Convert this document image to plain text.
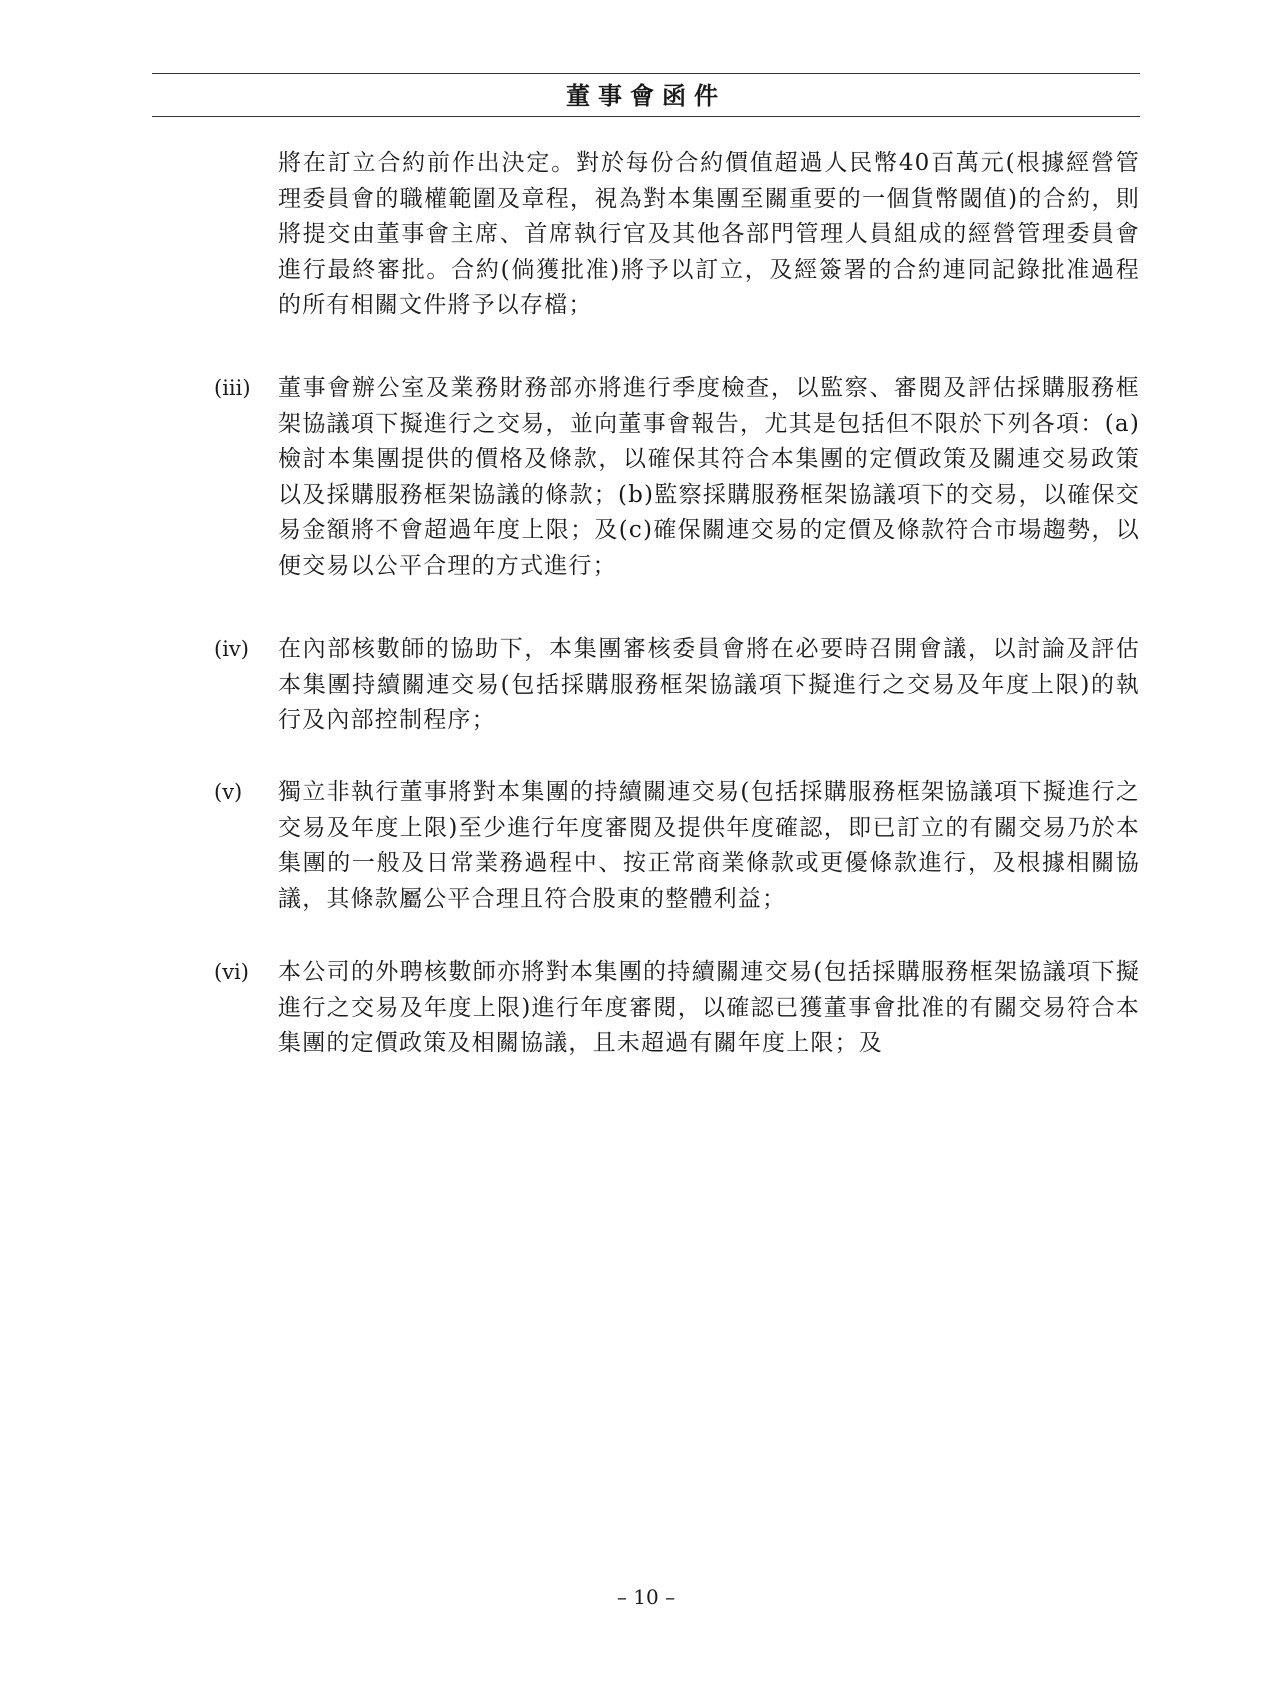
董事會函件

將在訂立合約前作出決定。對於每份合約價值超過人民幣40百萬元(根據經營管理委員會的職權範圍及章程，視為對本集團至關重要的一個貨幣閾值)的合約，則將提交由董事會主席、首席執行官及其他各部門管理人員組成的經營管理委員會進行最終審批。合約(倘獲批准)將予以訂立，及經簽署的合約連同記錄批准過程的所有相關文件將予以存檔；

(iii) 董事會辦公室及業務財務部亦將進行季度檢查，以監察、審閱及評估採購服務框架協議項下擬進行之交易，並向董事會報告，尤其是包括但不限於下列各項：(a)檢討本集團提供的價格及條款，以確保其符合本集團的定價政策及關連交易政策以及採購服務框架協議的條款；(b)監察採購服務框架協議項下的交易，以確保交易金額將不會超過年度上限；及(c)確保關連交易的定價及條款符合市場趨勢，以便交易以公平合理的方式進行；

(iv) 在內部核數師的協助下，本集團審核委員會將在必要時召開會議，以討論及評估本集團持續關連交易(包括採購服務框架協議項下擬進行之交易及年度上限)的執行及內部控制程序；

(v) 獨立非執行董事將對本集團的持續關連交易(包括採購服務框架協議項下擬進行之交易及年度上限)至少進行年度審閱及提供年度確認，即已訂立的有關交易乃於本集團的一般及日常業務過程中、按正常商業條款或更優條款進行，及根據相關協議，其條款屬公平合理且符合股東的整體利益；

(vi) 本公司的外聘核數師亦將對本集團的持續關連交易(包括採購服務框架協議項下擬進行之交易及年度上限)進行年度審閱，以確認已獲董事會批准的有關交易符合本集團的定價政策及相關協議，且未超過有關年度上限；及

– 10 –
